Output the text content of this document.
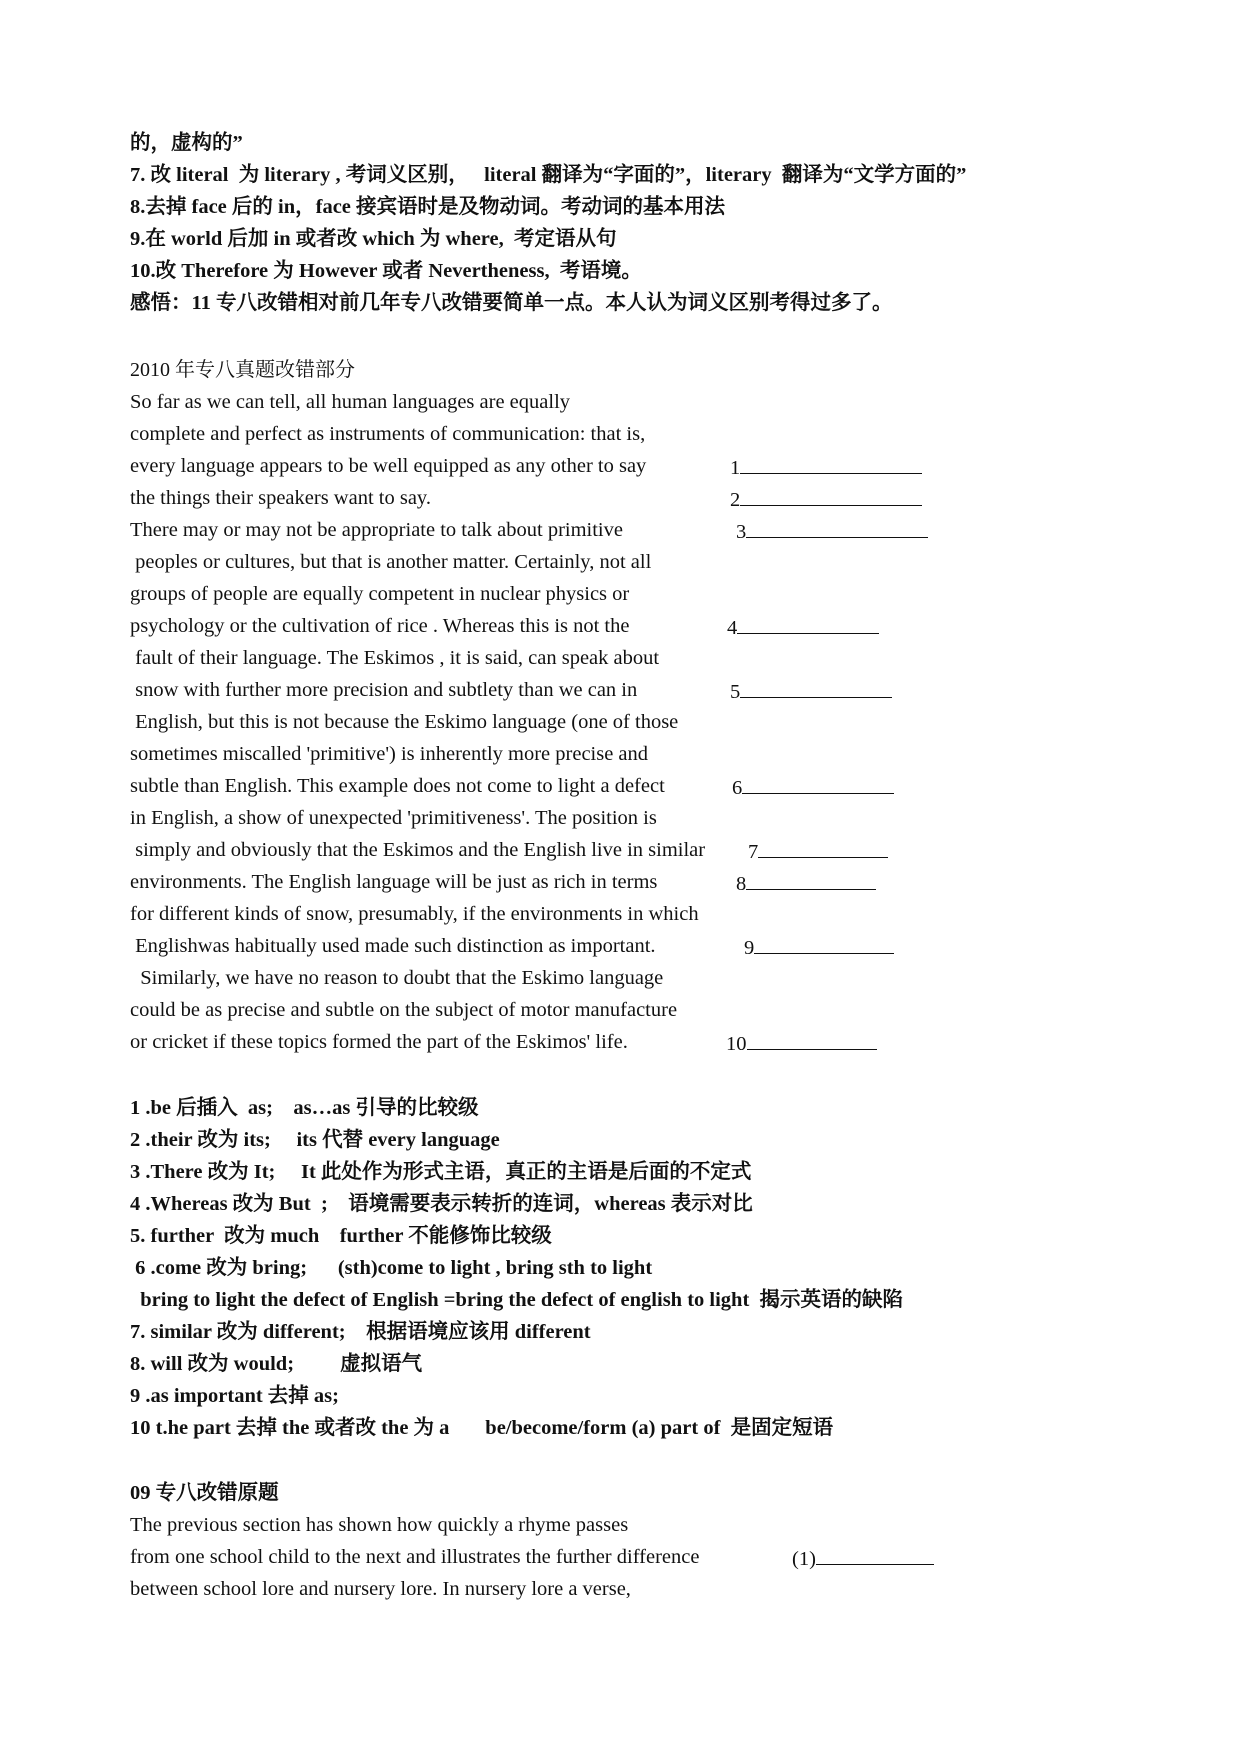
的，虚构的”
7. 改 literal  为 literary , 考词义区别，   literal 翻译为“字面的”，literary  翻译为“文学方面的”
8.去掉 face 后的 in，face 接宾语时是及物动词。考动词的基本用法
9.在 world 后加 in 或者改 which 为 where,  考定语从句
10.改 Therefore 为 However 或者 Nevertheness,  考语境。
感悟：11 专八改错相对前几年专八改错要简单一点。本人认为词义区别考得过多了。
2010 年专八真题改错部分
So far as we can tell, all human languages are equally
complete and perfect as instruments of communication: that is,
every language appears to be well equipped as any other to say
the things their speakers want to say.
There may or may not be appropriate to talk about primitive
peoples or cultures, but that is another matter. Certainly, not all
groups of people are equally competent in nuclear physics or
psychology or the cultivation of rice . Whereas this is not the
fault of their language. The Eskimos , it is said, can speak about
snow with further more precision and subtlety than we can in
English, but this is not because the Eskimo language (one of those
sometimes miscalled 'primitive') is inherently more precise and
subtle than English. This example does not come to light a defect
in English, a show of unexpected 'primitiveness'. The position is
simply and obviously that the Eskimos and the English live in similar
environments. The English language will be just as rich in terms
for different kinds of snow, presumably, if the environments in which
Englishwas habitually used made such distinction as important.
Similarly, we have no reason to doubt that the Eskimo language
could be as precise and subtle on the subject of motor manufacture
or cricket if these topics formed the part of the Eskimos' life.
1
2
3
4
5
6
7
8
9
10
1 .be 后插入  as;    as…as 引导的比较级
2 .their 改为 its;     its 代替 every language
3 .There 改为 It;     It 此处作为形式主语，真正的主语是后面的不定式
4 .Whereas 改为 But  ;    语境需要表示转折的连词，whereas 表示对比
5. further  改为 much    further 不能修饰比较级
6 .come 改为 bring;      (sth)come to light , bring sth to light
bring to light the defect of English =bring the defect of english to light  揭示英语的缺陷
7. similar 改为 different;    根据语境应该用 different
8. will 改为 would;         虚拟语气
9 .as important 去掉 as;
10 t.he part 去掉 the 或者改 the 为 a       be/become/form (a) part of  是固定短语
09 专八改错原题
The previous section has shown how quickly a rhyme passes
from one school child to the next and illustrates the further difference
between school lore and nursery lore. In nursery lore a verse,
(1)
